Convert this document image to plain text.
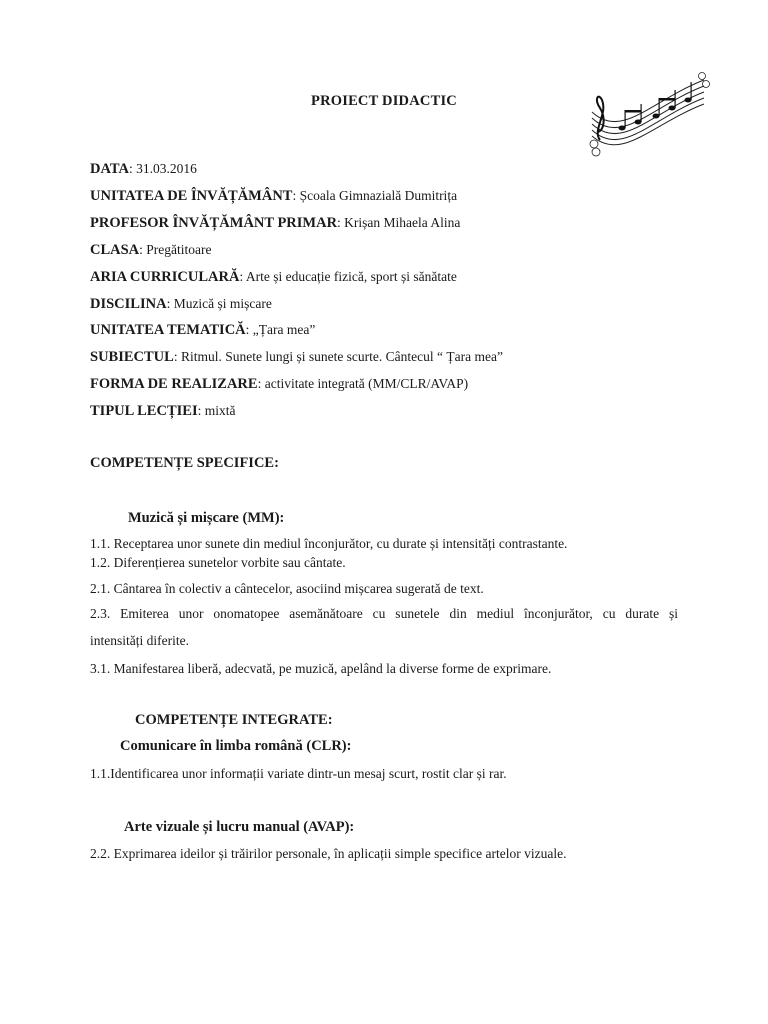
PROIECT DIDACTIC
DATA: 31.03.2016
UNITATEA DE ÎNVĂȚĂMÂNT: Școala Gimnazială Dumitrița
PROFESOR ÎNVĂȚĂMÂNT PRIMAR: Krișan Mihaela Alina
CLASA: Pregătitoare
ARIA CURRICULARĂ: Arte și educație fizică, sport și sănătate
DISCILINA: Muzică și mișcare
UNITATEA TEMATICĂ: „Țara mea”
SUBIECTUL: Ritmul. Sunete lungi și sunete scurte. Cântecul “ Țara mea”
FORMA DE REALIZARE: activitate integrată (MM/CLR/AVAP)
TIPUL LECȚIEI: mixtă
COMPETENȚE SPECIFICE:
Muzică și mișcare (MM):
1.1. Receptarea unor sunete din mediul înconjurător, cu durate și intensități contrastante.
1.2. Diferențierea sunetelor vorbite sau cântate.
2.1. Cântarea în colectiv a cântecelor, asociind mișcarea sugerată de text.
2.3. Emiterea unor onomatopee asemănătoare cu sunetele din mediul înconjurător, cu durate și
intensități diferite.
3.1. Manifestarea liberă, adecvată, pe muzică, apelând la diverse forme de exprimare.
COMPETENȚE INTEGRATE:
Comunicare în limba română (CLR):
1.1.Identificarea unor informații variate dintr-un mesaj scurt, rostit clar și rar.
Arte vizuale și lucru manual (AVAP):
2.2. Exprimarea ideilor și trăirilor personale, în aplicații simple specifice artelor vizuale.
